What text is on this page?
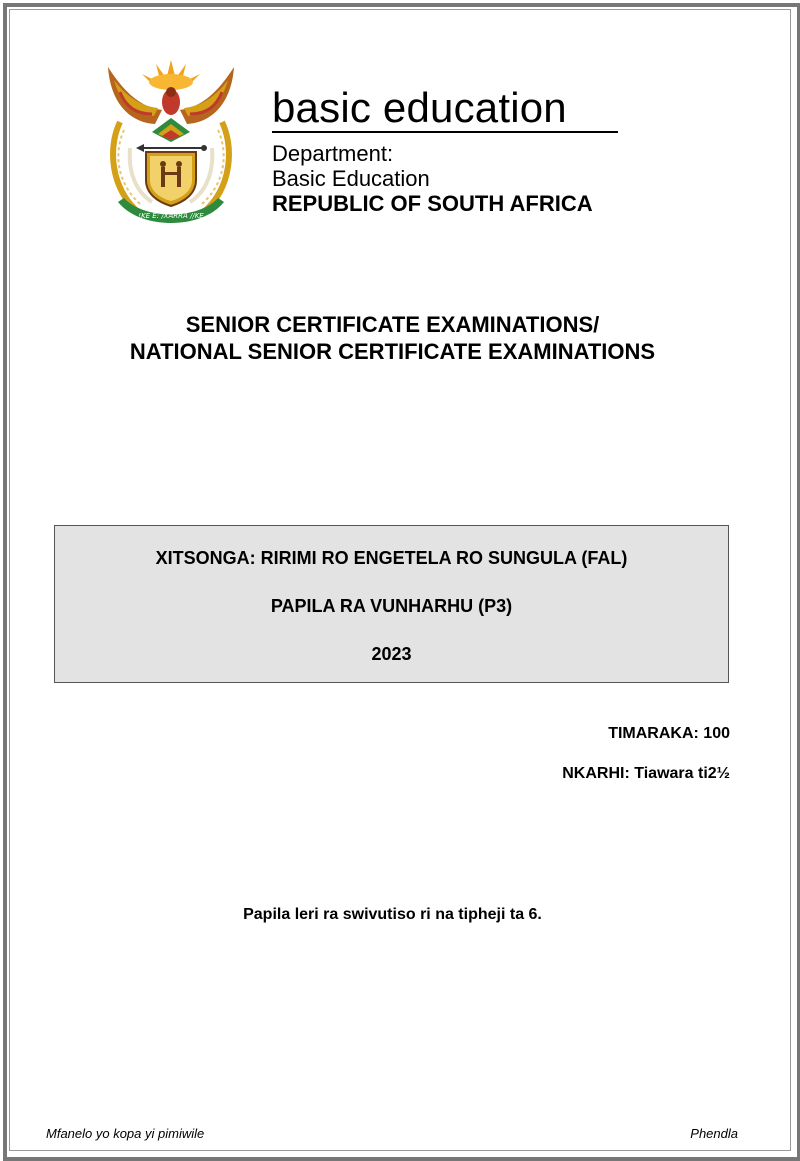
!KE E: /XARRA //KE
basic education
Department:
Basic Education
REPUBLIC OF SOUTH AFRICA
SENIOR CERTIFICATE EXAMINATIONS/
NATIONAL SENIOR CERTIFICATE EXAMINATIONS
XITSONGA: RIRIMI RO ENGETELA RO SUNGULA (FAL)
PAPILA RA VUNHARHU (P3)
2023
TIMARAKA: 100
NKARHI: Tiawara ti2½
Papila leri ra swivutiso ri na tipheji ta 6.
Mfanelo yo kopa yi pimiwile	Phendla
